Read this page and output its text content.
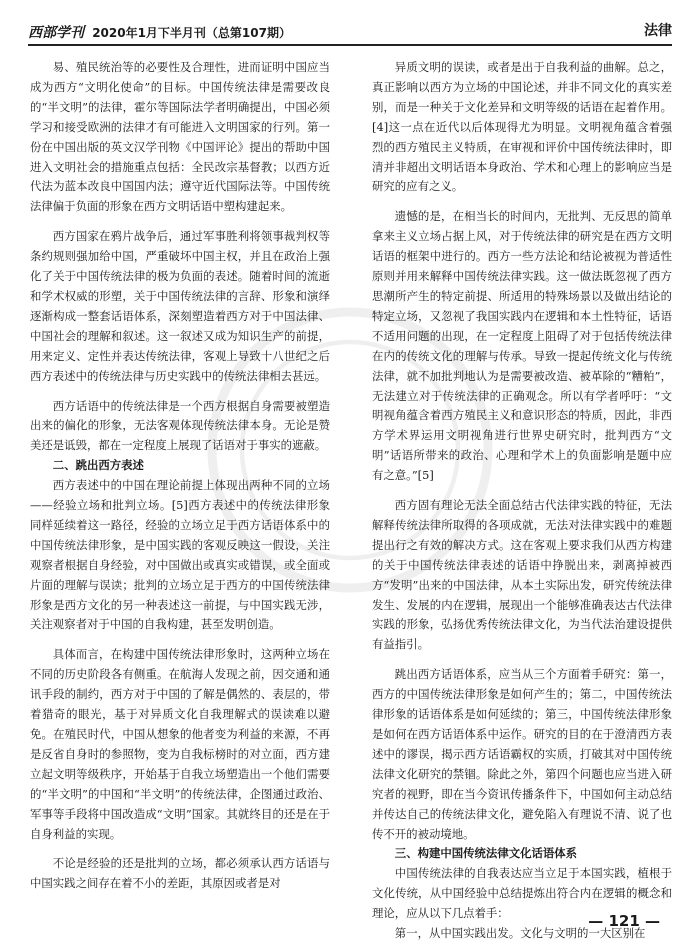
西部学刊 2020年1月下半月刊（总第107期）	法律

易、殖民统治等的必要性及合理性，进而证明中国应当成为西方“文明化使命”的目标。中国传统法律是需要改良的“半文明”的法律，霍尔等国际法学者明确提出，中国必须学习和接受欧洲的法律才有可能进入文明国家的行列。第一份在中国出版的英文汉学刊物《中国评论》提出的帮助中国进入文明社会的措施重点包括：全民改宗基督教；以西方近代法为蓝本改良中国国内法；遵守近代国际法等。中国传统法律偏于负面的形象在西方文明话语中塑构建起来。

西方国家在鸦片战争后，通过军事胜利将领事裁判权等条约规则强加给中国，严重破坏中国主权，并且在政治上强化了关于中国传统法律的极为负面的表述。随着时间的流逝和学术权威的形塑，关于中国传统法律的言辞、形象和演绎逐渐构成一整套话语体系，深刻塑造着西方对于中国法律、中国社会的理解和叙述。这一叙述又成为知识生产的前提，用来定义、定性并表达传统法律，客观上导致十八世纪之后西方表述中的传统法律与历史实践中的传统法律相去甚远。

西方话语中的传统法律是一个西方根据自身需要被塑造出来的偏化的形象，无法客观体现传统法律本身。无论是赞美还是诋毁，都在一定程度上展现了话语对于事实的遮蔽。

二、跳出西方表述

西方表述中的中国在理论前提上体现出两种不同的立场——经验立场和批判立场。[5]西方表述中的传统法律形象同样延续着这一路径，经验的立场立足于西方话语体系中的中国传统法律形象，是中国实践的客观反映这一假设，关注观察者根据自身经验，对中国做出或真实或错误，或全面或片面的理解与误读；批判的立场立足于西方的中国传统法律形象是西方文化的另一种表述这一前提，与中国实践无涉，关注观察者对于中国的自我构建，甚至发明创造。

具体而言，在构建中国传统法律形象时，这两种立场在不同的历史阶段各有侧重。在航海人发现之前，因交通和通讯手段的制约，西方对于中国的了解是偶然的、表层的，带着猎奇的眼光，基于对异质文化自我理解式的误读难以避免。在殖民时代，中国从想象的他者变为利益的来源，不再是反省自身时的参照物，变为自我标榜时的对立面，西方建立起文明等级秩序，开始基于自我立场塑造出一个他们需要的“半文明”的中国和“半文明”的传统法律，企图通过政治、军事等手段将中国改造成“文明”国家。其就终目的还是在于自身利益的实现。

不论是经验的还是批判的立场，都必须承认西方话语与中国实践之间存在着不小的差距，其原因或者是对

异质文明的误读，或者是出于自我利益的曲解。总之，真正影响以西方为立场的中国论述，并非不同文化的真实差别，而是一种关于文化差异和文明等级的话语在起着作用。[4]这一点在近代以后体现得尤为明显。文明视角蕴含着强烈的西方殖民主义特质，在审视和评价中国传统法律时，即清并非超出文明话语本身政治、学术和心理上的影响应当是研究的应有之义。

遗憾的是，在相当长的时间内，无批判、无反思的简单拿来主义立场占据上风，对于传统法律的研究是在西方文明话语的框架中进行的。西方一些方法论和结论被视为普适性原则并用来解释中国传统法律实践。这一做法既忽视了西方思潮所产生的特定前提、所适用的特殊场景以及做出结论的特定立场，又忽视了我国实践内在逻辑和本土性特征，话语不适用问题的出现，在一定程度上阻碍了对于包括传统法律在内的传统文化的理解与传承。导致一提起传统文化与传统法律，就不加批判地认为是需要被改造、被革除的“糟粕”，无法建立对于传统法律的正确观念。所以有学者呼吁：“文明视角蕴含着西方殖民主义和意识形态的特质，因此，非西方学术界运用文明视角进行世界史研究时，批判西方“文明”话语所带来的政治、心理和学术上的负面影响是题中应有之意。”[5]

西方固有理论无法全面总结古代法律实践的特征，无法解释传统法律所取得的各项成就，无法对法律实践中的难题提出行之有效的解决方式。这在客观上要求我们从西方构建的关于中国传统法律表述的话语中挣脱出来，剥离掉被西方“发明”出来的中国法律，从本土实际出发，研究传统法律发生、发展的内在逻辑，展现出一个能够准确表达古代法律实践的形象，弘扬优秀传统法律文化，为当代法治建设提供有益指引。

跳出西方话语体系，应当从三个方面着手研究：第一，西方的中国传统法律形象是如何产生的；第二，中国传统法律形象的话语体系是如何延续的；第三，中国传统法律形象是如何在西方话语体系中运作。研究的目的在于澄清西方表述中的谬误，揭示西方话语霸权的实质，打破其对中国传统法律文化研究的禁锢。除此之外，第四个问题也应当进入研究者的视野，即在当今资讯传播条件下，中国如何主动总结并传达自己的传统法律文化，避免陷入有理说不清、说了也传不开的被动境地。

三、构建中国传统法律文化话语体系

中国传统法律的自我表达应当立足于本国实践，植根于文化传统，从中国经验中总结提炼出符合内在逻辑的概念和理论，应从以下几点着手：

第一，从中国实践出发。文化与文明的一大区别在

— 121 —
